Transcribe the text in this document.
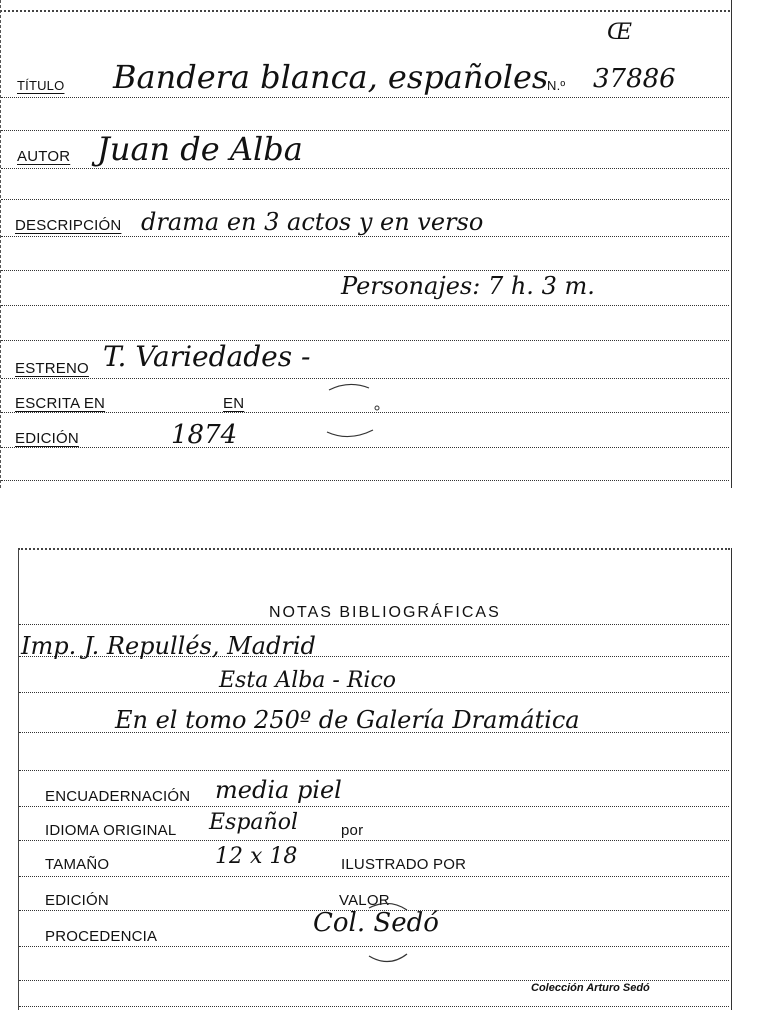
Œ
TÍTULO Bandera blanca, españoles
N.º 37886
AUTOR Juan de Alba
DESCRIPCIÓN drama en 3 actos y en verso
Personajes: 7 h. 3 m.
ESTRENO T. Variedades -
ESCRITA EN	EN
EDICIÓN	1874
NOTAS BIBLIOGRÁFICAS
Imp. J. Repullés, Madrid
Esta Alba - Rico
En el tomo 250º de Galería Dramática
ENCUADERNACIÓN media piel
IDIOMA ORIGINAL Español	por
TAMAÑO	12 x 18	ILUSTRADO POR
EDICIÓN	VALOR
PROCEDENCIA	Col. Sedó
Colección Arturo Sedó
